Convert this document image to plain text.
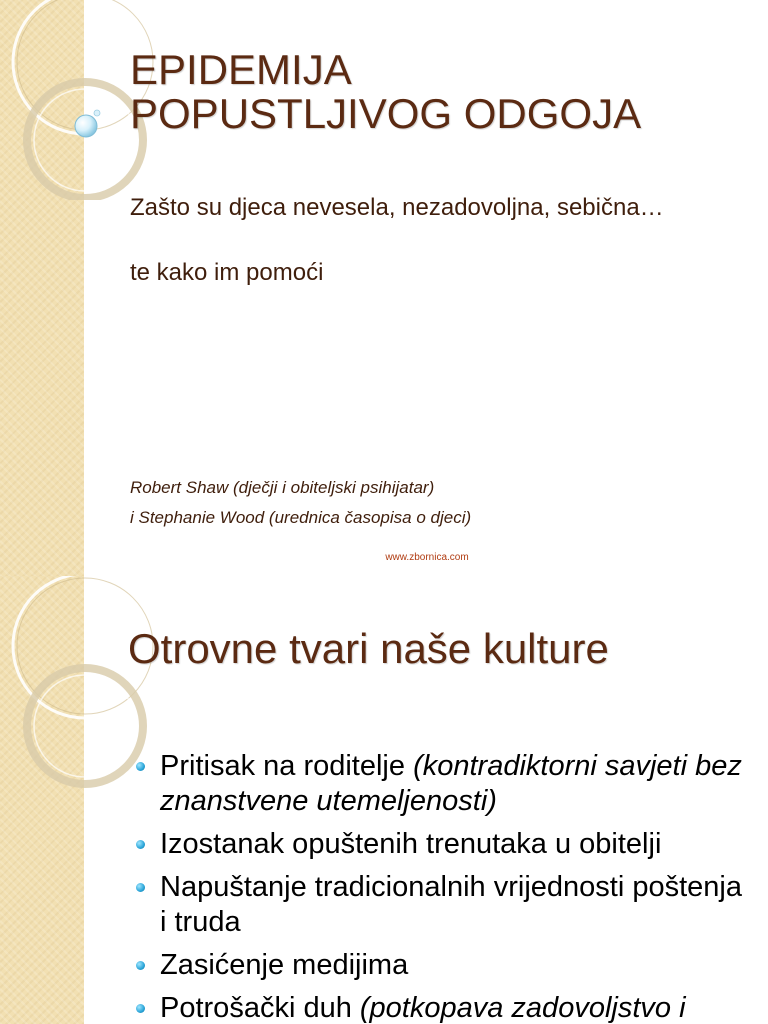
EPIDEMIJA
POPUSTLJIVOG ODGOJA

Zašto su djeca nevesela, nezadovoljna, sebična…

te kako im pomoći

Robert Shaw (dječji i obiteljski psihijatar)

i Stephanie Wood (urednica časopisa o djeci)

www.zbornica.com
Otrovne tvari naše kulture
Pritisak na roditelje (kontradiktorni savjeti bez znanstvene utemeljenosti)
Izostanak opuštenih trenutaka u obitelji
Napuštanje tradicionalnih vrijednosti poštenja i truda
Zasićenje medijima
Potrošački duh (potkopava zadovoljstvo i
